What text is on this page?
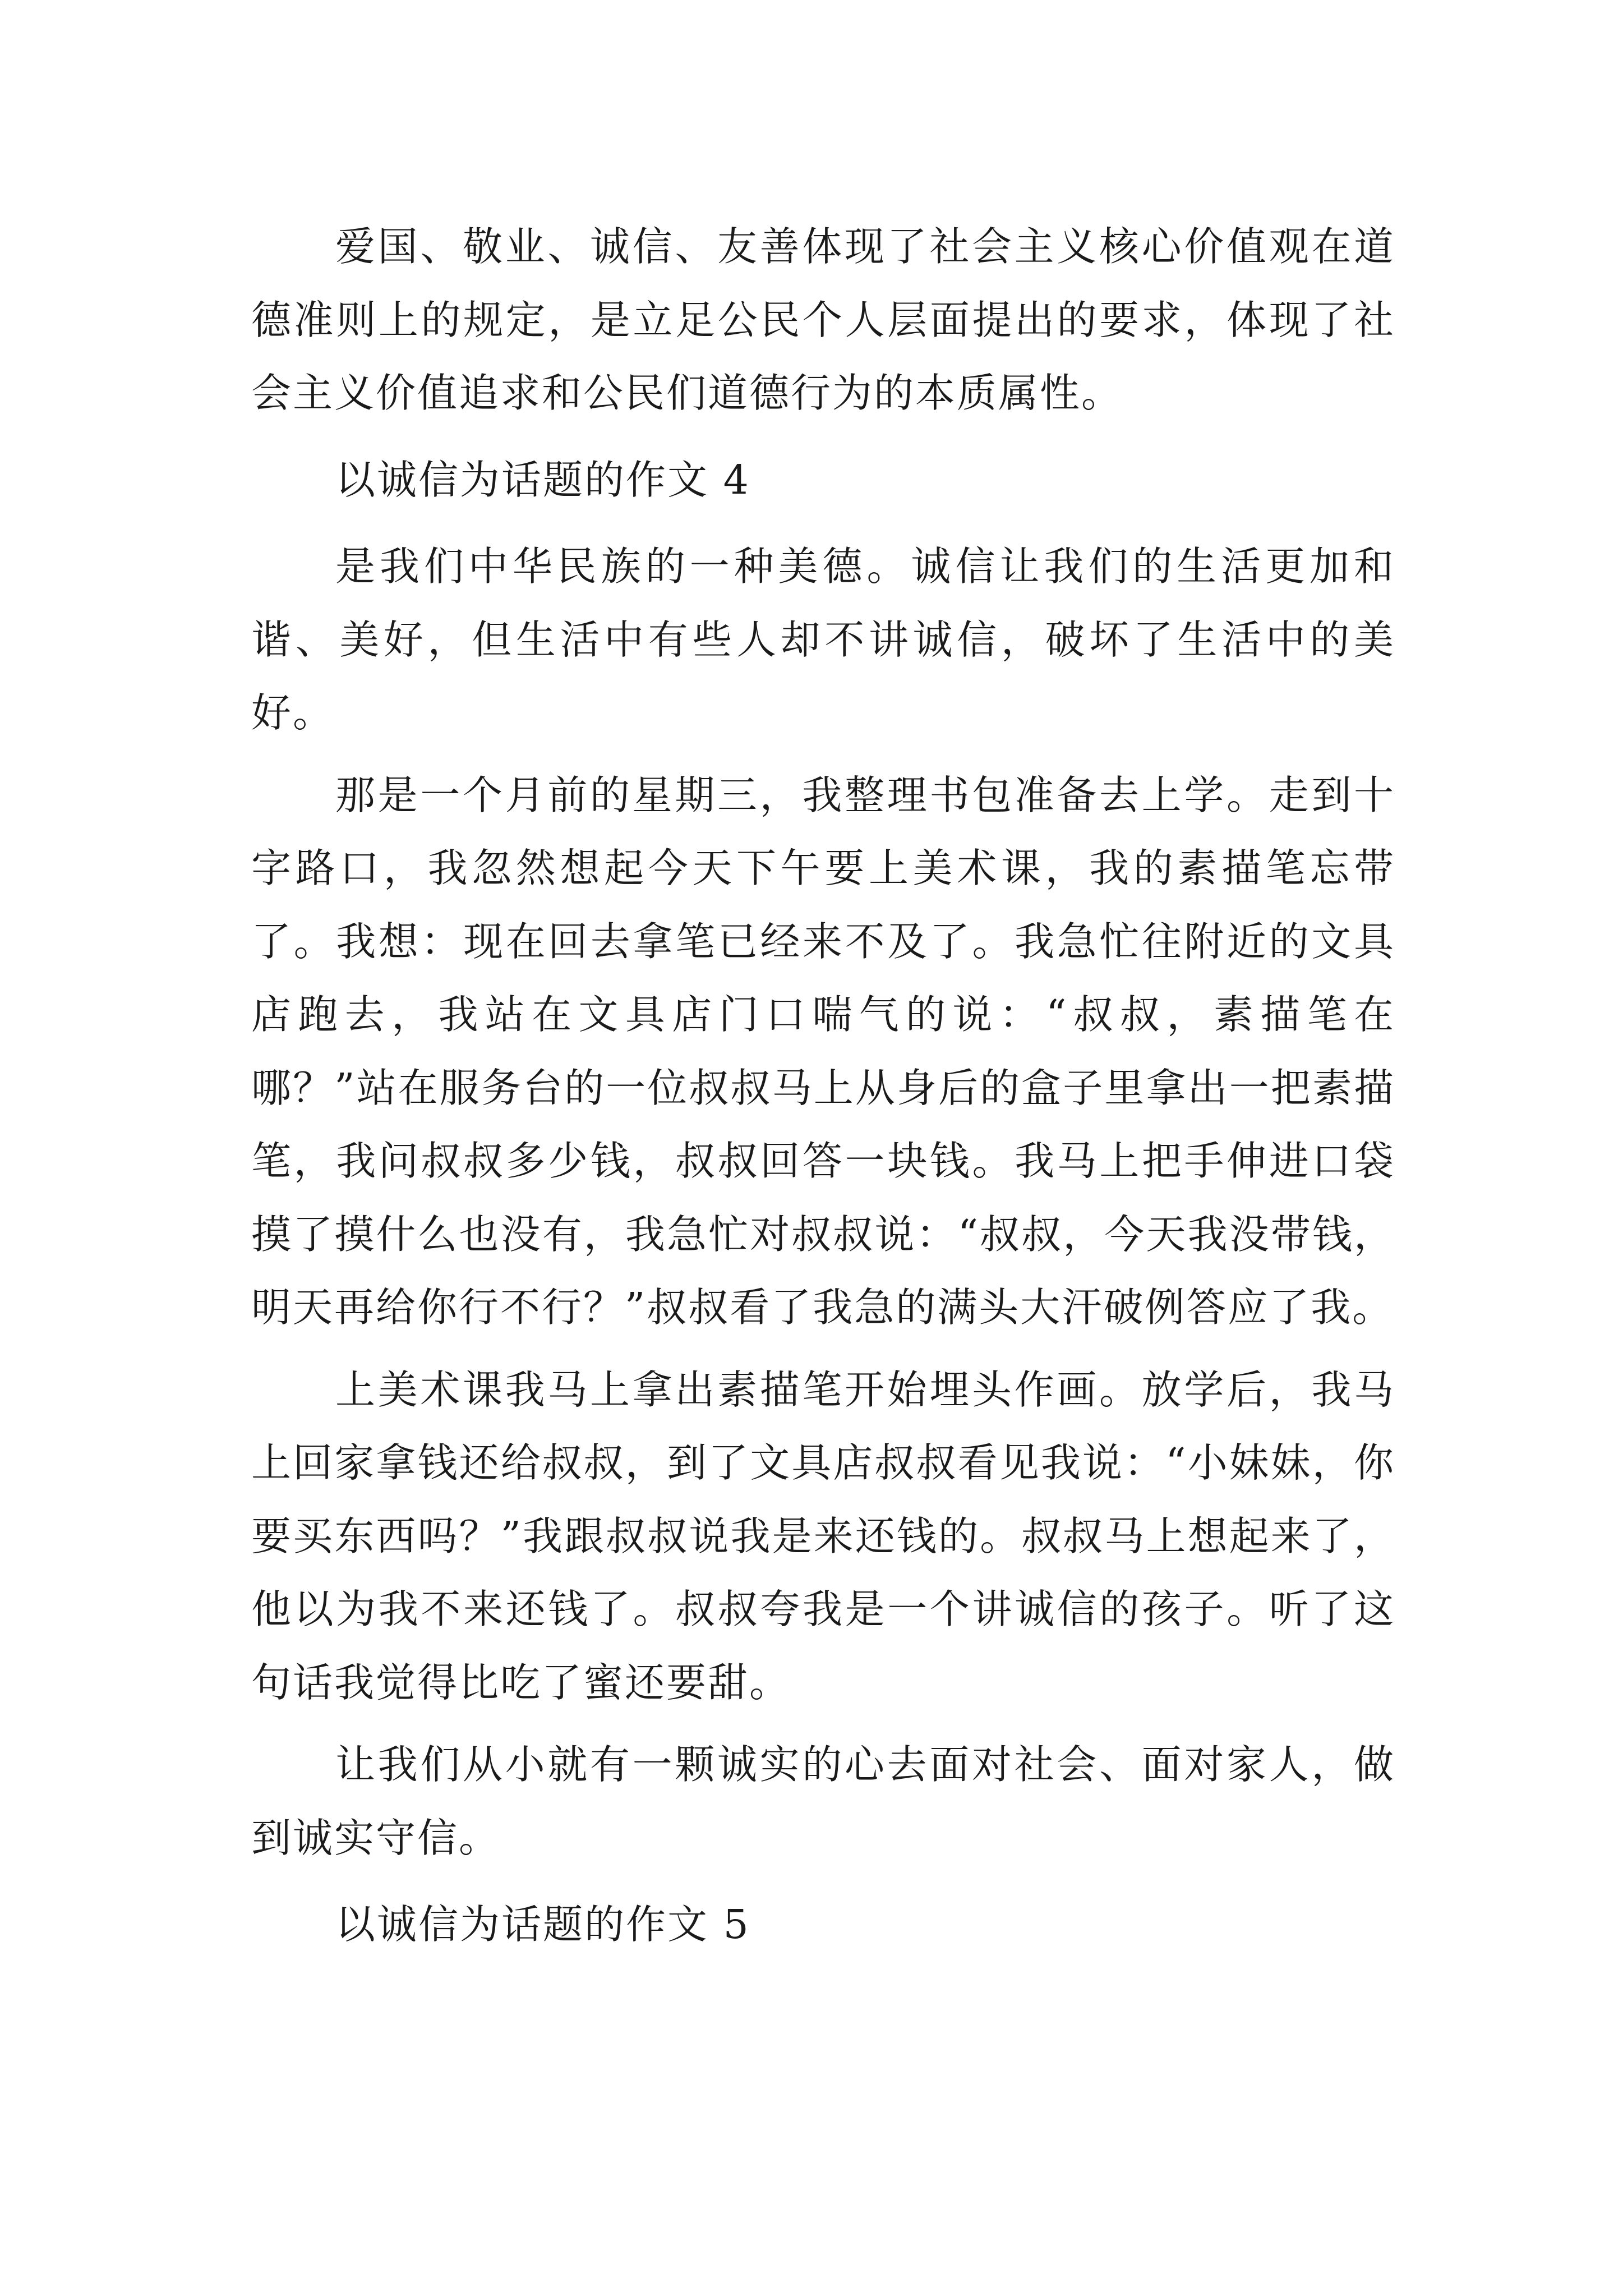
爱国、敬业、诚信、友善体现了社会主义核心价值观在道德准则上的规定，是立足公民个人层面提出的要求，体现了社会主义价值追求和公民们道德行为的本质属性。

以诚信为话题的作文 4

是我们中华民族的一种美德。诚信让我们的生活更加和谐、美好，但生活中有些人却不讲诚信，破坏了生活中的美好。

那是一个月前的星期三，我整理书包准备去上学。走到十字路口，我忽然想起今天下午要上美术课，我的素描笔忘带了。我想：现在回去拿笔已经来不及了。我急忙往附近的文具店跑去，我站在文具店门口喘气的说：“叔叔，素描笔在哪？”站在服务台的一位叔叔马上从身后的盒子里拿出一把素描笔，我问叔叔多少钱，叔叔回答一块钱。我马上把手伸进口袋摸了摸什么也没有，我急忙对叔叔说：“叔叔，今天我没带钱，明天再给你行不行？”叔叔看了我急的满头大汗破例答应了我。

上美术课我马上拿出素描笔开始埋头作画。放学后，我马上回家拿钱还给叔叔，到了文具店叔叔看见我说：“小妹妹，你要买东西吗？”我跟叔叔说我是来还钱的。叔叔马上想起来了，他以为我不来还钱了。叔叔夸我是一个讲诚信的孩子。听了这句话我觉得比吃了蜜还要甜。

让我们从小就有一颗诚实的心去面对社会、面对家人，做到诚实守信。

以诚信为话题的作文 5
